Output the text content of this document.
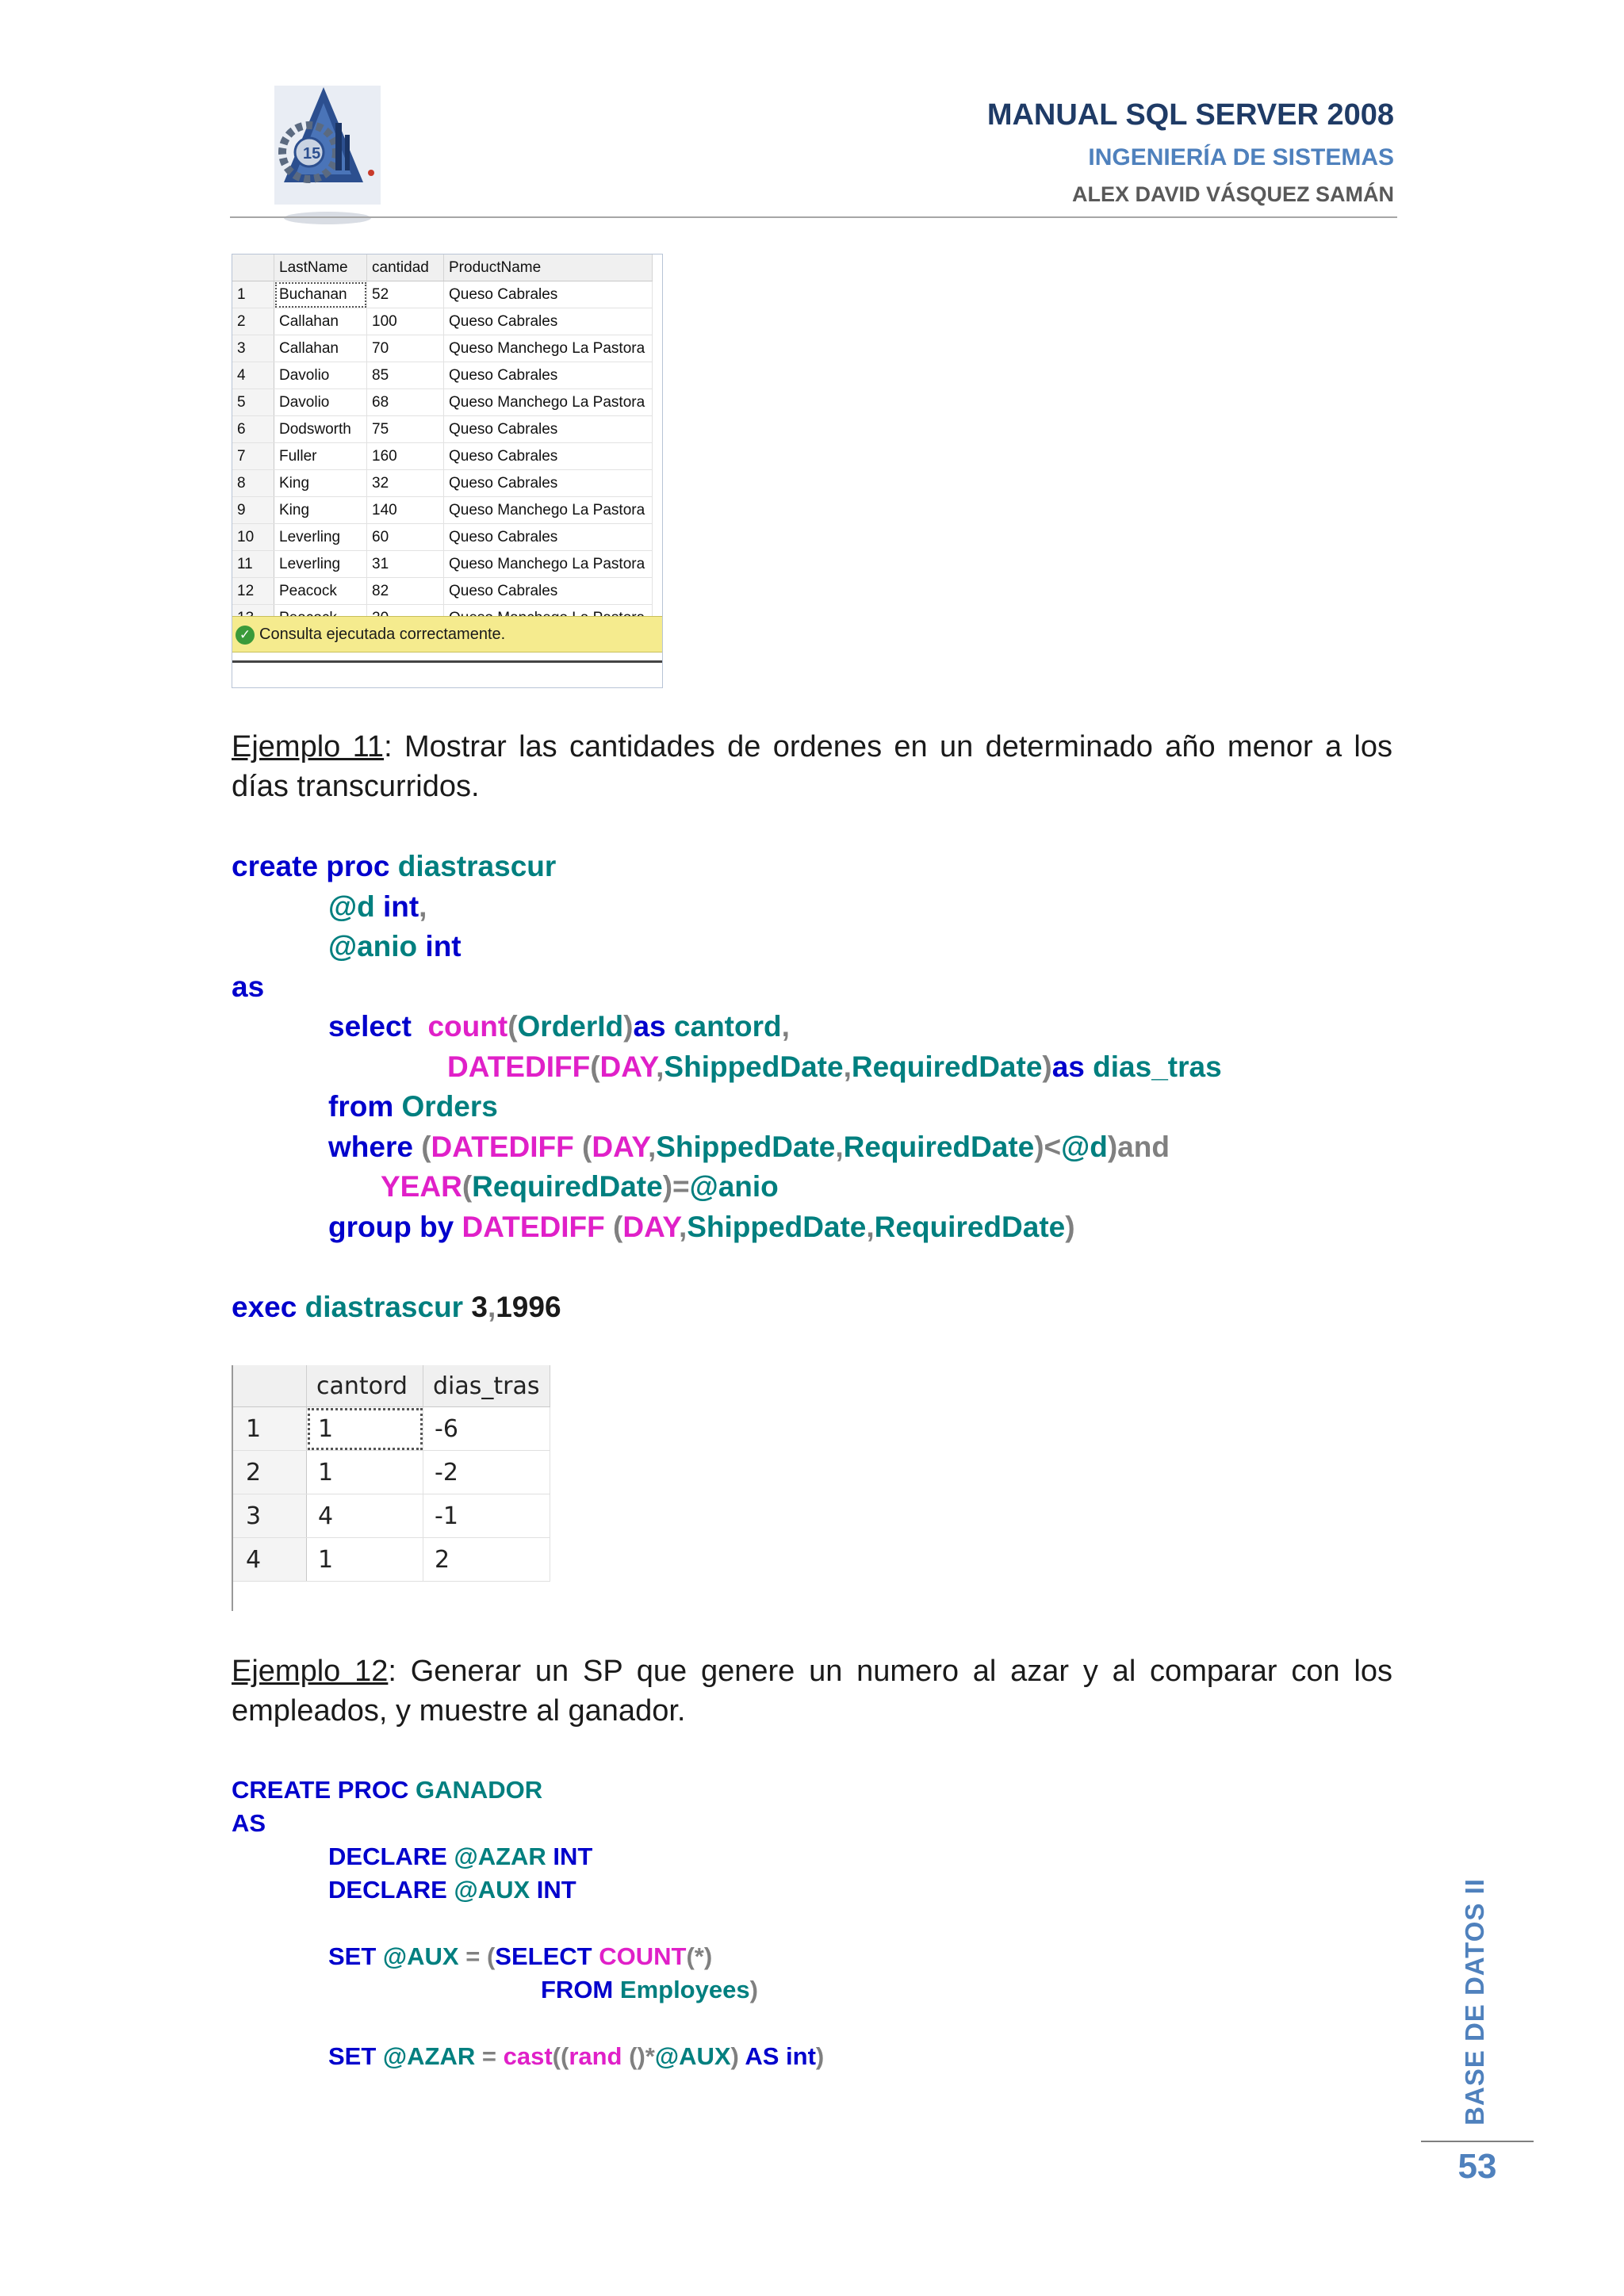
15
MANUAL SQL SERVER 2008
INGENIERÍA DE SISTEMAS
ALEX DAVID VÁSQUEZ SAMÁN
	LastName	cantidad	ProductName
1	Buchanan	52	Queso Cabrales
2	Callahan	100	Queso Cabrales
3	Callahan	70	Queso Manchego La Pastora
4	Davolio	85	Queso Cabrales
5	Davolio	68	Queso Manchego La Pastora
6	Dodsworth	75	Queso Cabrales
7	Fuller	160	Queso Cabrales
8	King	32	Queso Cabrales
9	King	140	Queso Manchego La Pastora
10	Leverling	60	Queso Cabrales
11	Leverling	31	Queso Manchego La Pastora
12	Peacock	82	Queso Cabrales

✓ Consulta ejecutada correctamente.
Ejemplo 11: Mostrar las cantidades de ordenes en un determinado año menor a los días transcurridos.
create proc diastrascur
@d int,
@anio int
as
select count(OrderId)as cantord,
DATEDIFF(DAY,ShippedDate,RequiredDate)as dias_tras
from Orders
where (DATEDIFF (DAY,ShippedDate,RequiredDate)<@d)and
YEAR(RequiredDate)=@anio
group by DATEDIFF (DAY,ShippedDate,RequiredDate)
exec diastrascur 3,1996
	cantord	dias_tras
1	1	-6
2	1	-2
3	4	-1
4	1	2
Ejemplo 12: Generar un SP que genere un numero al azar y al comparar con los empleados, y muestre al ganador.
CREATE PROC GANADOR
AS
DECLARE @AZAR INT
DECLARE @AUX INT
SET @AUX = (SELECT COUNT(*)
FROM Employees)
SET @AZAR = cast((rand ()*@AUX) AS int)	BASE DE DATOS II
53
